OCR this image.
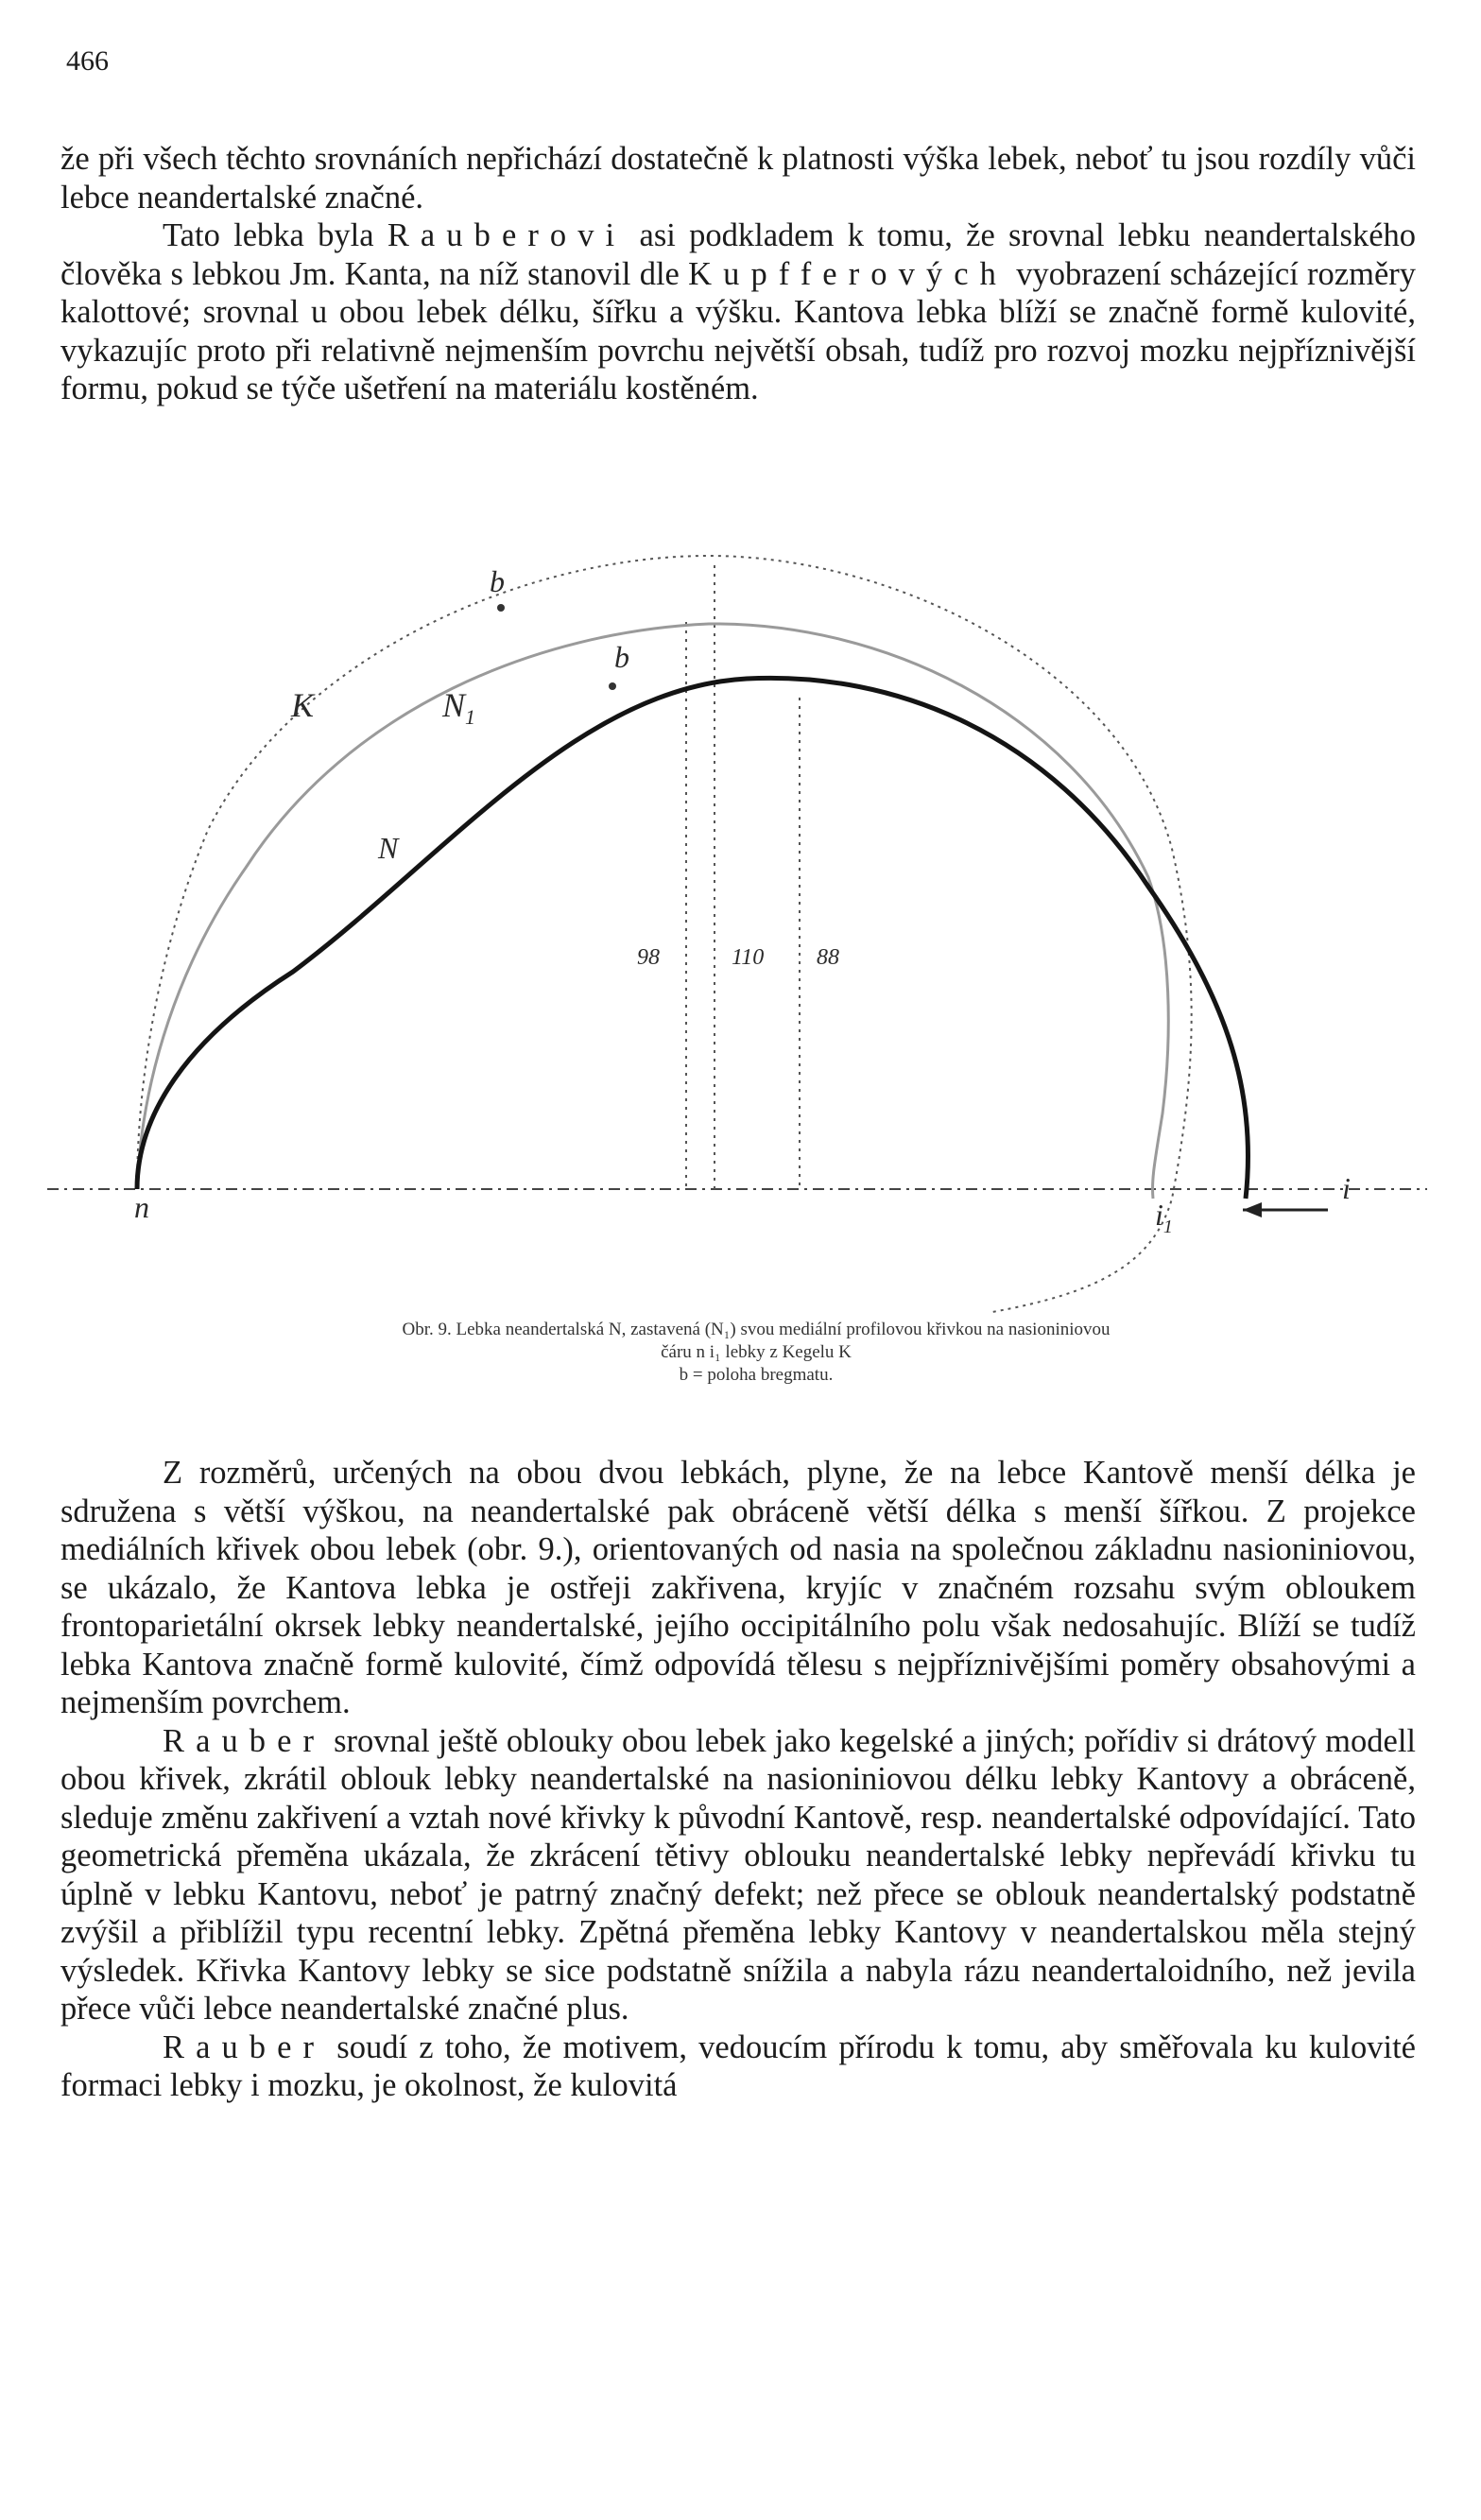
466

že při všech těchto srovnáních nepřichází dostatečně k platnosti výška lebek, neboť tu jsou rozdíly vůči lebce neandertalské značné.

Tato lebka byla Rauberovi asi podkladem k tomu, že srovnal lebku neandertalského člověka s lebkou Jm. Kanta, na níž stanovil dle Kupfferových vyobrazení scházející rozměry kalottové; srovnal u obou lebek délku, šířku a výšku. Kantova lebka blíží se značně formě kulovité, vykazujíc proto při relativně nejmenším povrchu největší obsah, tudíž pro rozvoj mozku nejpříznivější formu, pokud se týče ušetření na materiálu kostěném.

b
b
K	$N_1$
N
98	110 88
n	$i_1$
i
Obr. 9. Lebka neandertalská N, zastavená (N₁) svou mediální profilovou křivkou na nasioniniovou
čáru n i₁ lebky z Kegelu K
b = poloha bregmatu.

Z rozměrů, určených na obou dvou lebkách, plyne, že na lebce Kantově menší délka je sdružena s větší výškou, na neandertalské pak obráceně větší délka s menší šířkou. Z projekce mediálních křivek obou lebek (obr. 9.), orientovaných od nasia na společnou základnu nasioniniovou, se ukázalo, že Kantova lebka je ostřeji zakřivena, kryjíc v značném rozsahu svým obloukem frontoparietální okrsek lebky neandertalské, jejího occipitálního polu však nedosahujíc. Blíží se tudíž lebka Kantova značně formě kulovité, čímž odpovídá tělesu s nejpříznivějšími poměry obsahovými a nejmenším povrchem.

Rauber srovnal ještě oblouky obou lebek jako kegelské a jiných; pořídiv si drátový modell obou křivek, zkrátil oblouk lebky neandertalské na nasioniniovou délku lebky Kantovy a obráceně, sleduje změnu zakřivení a vztah nové křivky k původní Kantově, resp. neandertalské odpovídající. Tato geometrická přeměna ukázala, že zkrácení tětivy oblouku neandertalské lebky nepřevádí křivku tu úplně v lebku Kantovu, neboť je patrný značný defekt; než přece se oblouk neandertalský podstatně zvýšil a přiblížil typu recentní lebky. Zpětná přeměna lebky Kantovy v neandertalskou měla stejný výsledek. Křivka Kantovy lebky se sice podstatně snížila a nabyla rázu neandertaloidního, než jevila přece vůči lebce neandertalské značné plus.

Rauber soudí z toho, že motivem, vedoucím přírodu k tomu, aby směřovala ku kulovité formaci lebky i mozku, je okolnost, že kulovitá
